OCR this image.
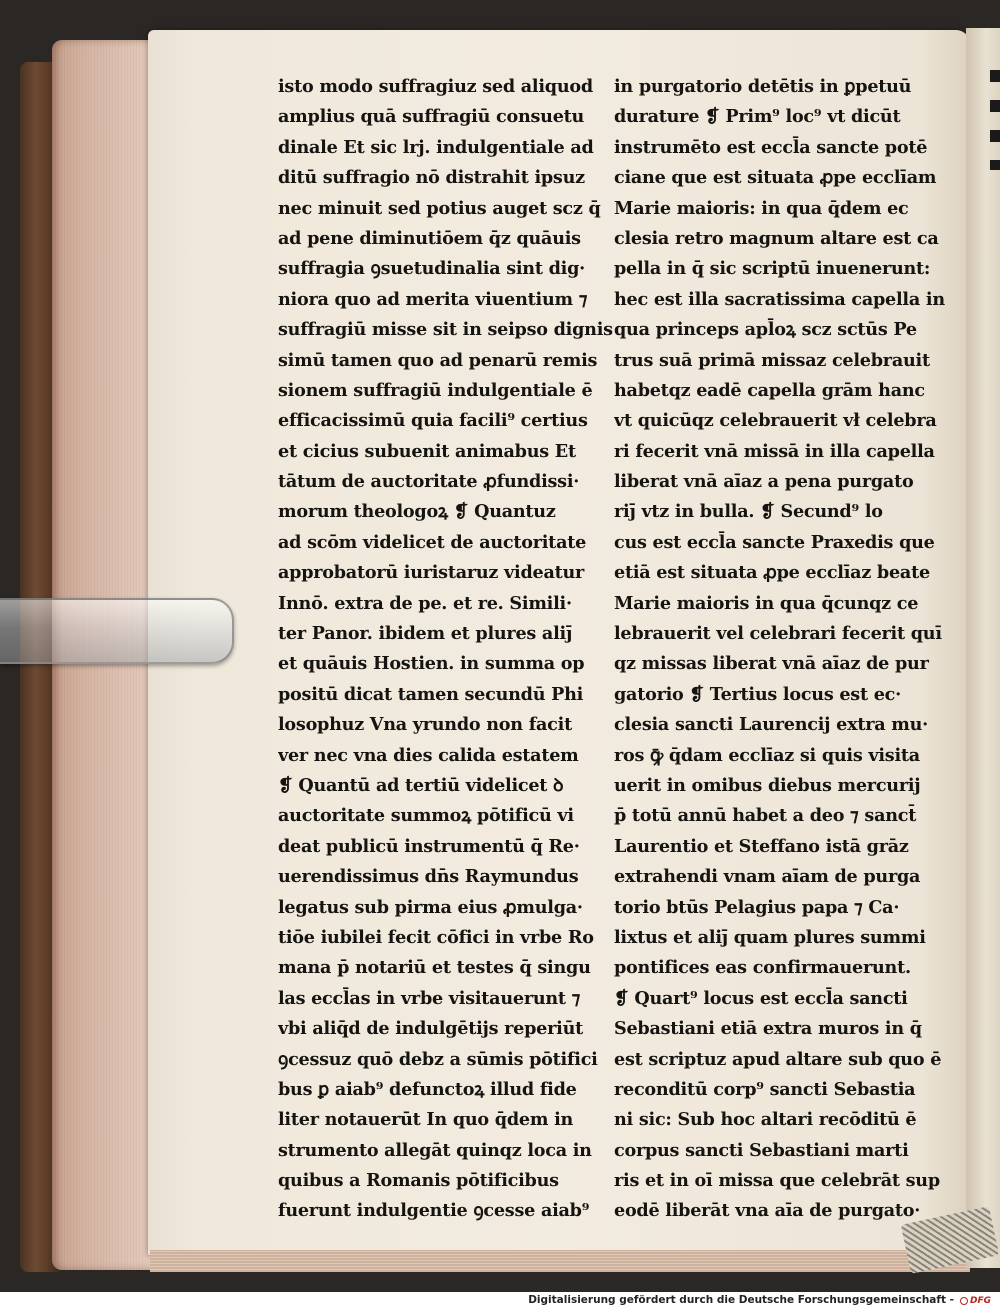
isto modo suffragiuz sed aliquod
amplius quā suffragiū consuetu
dinale Et sic lrj. indulgentiale ad
ditū suffragio nō distrahit ipsuz
nec minuit sed potius auget scz q̄
ad pene diminutiōem q̄z quāuis
suffragia ꝯsuetudinalia sint dig·
niora quo ad merita viuentium ⁊
suffragiū misse sit in seipso dignis
simū tamen quo ad penarū remis
sionem suffragiū indulgentiale ē
efficacissimū quia facili⁹ certius
et cicius subuenit animabus Et
tātum de auctoritate ꝓfundissi·
morum theologoꝝ ❡ Quantuz
ad scōm videlicet de auctoritate
approbatorū iuristaruz videatur
Innō. extra de pe. et re. Simili·
ter Panor. ibidem et plures aliȷ̄
et quāuis Hostien. in summa op
positū dicat tamen secundū Phi
losophuz Vna yrundo non facit
ver nec vna dies calida estatem
❡ Quantū ad tertiū videlicet ꝺ
auctoritate summoꝝ pōtificū vi
deat publicū instrumentū q̄ Re·
uerendissimus dn̄s Raymundus
legatus sub pirma eius ꝓmulga·
tiōe iubilei fecit cōfici in vrbe Ro
mana p̄ notariū et testes q̄ singu
las eccl̄as in vrbe visitauerunt ⁊
vbi aliq̄d de indulgētijs reperiūt
ꝯcessuz quō debz a sūmis pōtifici
bus ꝑ aiab⁹ defunctoꝝ illud fide
liter notauerūt In quo q̄dem in
strumento allegāt quinqz loca in
quibus a Romanis pōtificibus
fuerunt indulgentie ꝯcesse aiab⁹
in purgatorio detētis in ꝑpetuū
durature ❡ Prim⁹ loc⁹ vt dicūt
instrumēto est eccl̄a sancte potē
ciane que est situata ꝓpe ecclīam
Marie maioris: in qua q̄dem ec
clesia retro magnum altare est ca
pella in q̄ sic scriptū inuenerunt:
hec est illa sacratissima capella in
qua princeps apl̄oꝝ scz sctūs Pe
trus suā primā missaz celebrauit
habetqz eadē capella grām hanc
vt quicūqz celebrauerit vł celebra
ri fecerit vnā missā in illa capella
liberat vnā aīaz a pena purgato
riȷ̄ vtz in bulla. ❡ Secund⁹ lo
cus est eccl̄a sancte Praxedis que
etiā est situata ꝓpe ecclīaz beate
Marie maioris in qua q̄cunqz ce
lebrauerit vel celebrari fecerit quī
qz missas liberat vnā aīaz de pur
gatorio ❡ Tertius locus est ec·
clesia sancti Laurencij extra mu·
ros ꝙ̄ q̄dam ecclīaz si quis visita
uerit in omibus diebus mercurij
p̄ totū annū habet a deo ⁊ sanct̄
Laurentio et Steffano istā grāz
extrahendi vnam aīam de purga
torio btūs Pelagius papa ⁊ Ca·
lixtus et aliȷ̄ quam plures summi
pontifices eas confirmauerunt.
❡ Quart⁹ locus est eccl̄a sancti
Sebastiani etiā extra muros in q̄
est scriptuz apud altare sub quo ē
reconditū corp⁹ sancti Sebastia
ni sic: Sub hoc altari recōditū ē
corpus sancti Sebastiani marti
ris et in oī missa que celebrāt sup
eodē liberāt vna aīa de purgato·
Digitalisierung gefördert durch die Deutsche Forschungsgemeinschaft -	DFG
